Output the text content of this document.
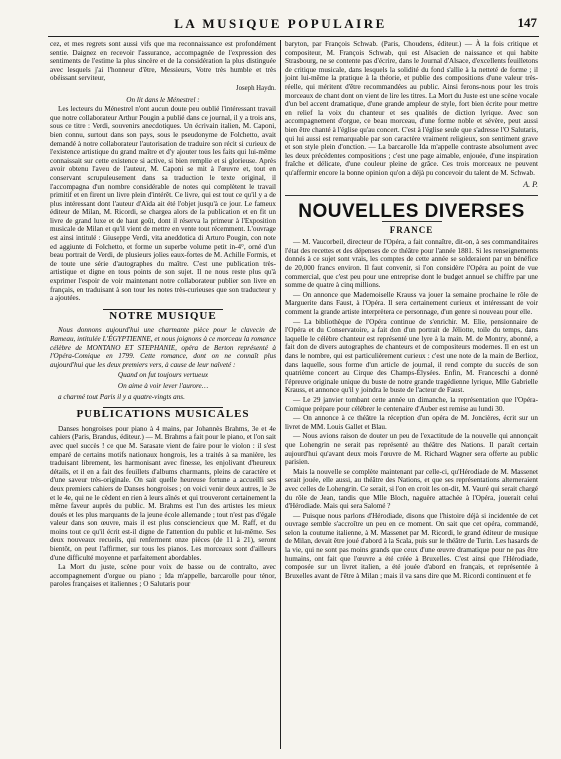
LA MUSIQUE POPULAIRE	147

cez, et mes regrets sont aussi vifs que ma reconnaissance est profondément sentie. Daignez en recevoir l'assurance, accompagnée de l'expression des sentiments de l'estime la plus sincère et de la considération la plus distinguée avec lesquels j'ai l'honneur d'être, Messieurs, Votre très humble et très obéissant serviteur,

Joseph Haydn.

On lit dans le Ménestrel :

Les lecteurs du Ménestrel n'ont aucun doute peu oublié l'intéressant travail que notre collaborateur Arthur Pougin a publié dans ce journal, il y a trois ans, sous ce titre : Verdi, souvenirs anecdotiques. Un écrivain italien, M. Caponi, bien connu, surtout dans son pays, sous le pseudonyme de Folchetto, avait demandé à notre collaborateur l'autorisation de traduire son récit si curieux de l'existence artistique du grand maître et d'y ajouter tous les faits qui lui-même connaissait sur cette existence si active, si bien remplie et si glorieuse. Après avoir obtenu l'aveu de l'auteur, M. Caponi se mit à l'œuvre et, tout en conservant scrupuleusement dans sa traduction le texte original, il l'accompagna d'un nombre considérable de notes qui complètent le travail primitif et en firent un livre plein d'intérêt. Ce livre, qui est tout ce qu'il y a de plus intéressant dont l'auteur d'Aïda ait été l'objet jusqu'à ce jour. Le fameux éditeur de Milan, M. Ricordi, se chargea alors de la publication et en fit un livre de grand luxe et de haut goût, dont il réserva la primeur à l'Exposition musicale de Milan et qu'il vient de mettre en vente tout récemment. L'ouvrage est ainsi intitulé : Giuseppe Verdi, vita aneddotica di Arturo Pougin, con note ed aggiunte di Folchetto, et forme un superbe volume petit in-4°, orné d'un beau portrait de Verdi, de plusieurs jolies eaux-fortes de M. Achille Formis, et de toute une série d'autographes du maître. C'est une publication très-artistique et digne en tous points de son sujet. Il ne nous reste plus qu'à exprimer l'espoir de voir maintenant notre collaborateur publier son livre en français, en traduisant à son tour les notes très-curieuses que son traducteur y a ajoutées.

NOTRE MUSIQUE

Nous donnons aujourd'hui une charmante pièce pour le clavecin de Rameau, intitulée L'ÉGYPTIENNE, et nous joignons à ce morceau la romance célèbre de MONTANO ET STEPHANIE, opéra de Berton représenté à l'Opéra-Comique en 1799. Cette romance, dont on ne connaît plus aujourd'hui que les deux premiers vers, à cause de leur naïveté :

Quand on fut toujours vertueux
On aime à voir lever l'aurore…

a charmé tout Paris il y a quatre-vingts ans.

PUBLICATIONS MUSICALES

Danses hongroises pour piano à 4 mains, par Johannès Brahms, 3e et 4e cahiers (Paris, Brandus, éditeur.) — M. Brahms a fait pour le piano, et l'on sait avec quel succès ! ce que M. Sarasate vient de faire pour le violon : il s'est emparé de certains motifs nationaux hongrois, les a traités à sa manière, les traduisant librement, les harmonisant avec finesse, les enjolivant d'heureux détails, et il en a fait des feuillets d'albums charmants, pleins de caractère et d'une saveur très-originale. On sait quelle heureuse fortune a accueilli ses deux premiers cahiers de Danses hongroises ; on voici venir deux autres, le 3e et le 4e, qui ne le cèdent en rien à leurs aînés et qui trouveront certainement la même faveur auprès du public. M. Brahms est l'un des artistes les mieux doués et les plus marquants de la jeune école allemande ; tout n'est pas d'égale valeur dans son œuvre, mais il est plus consciencieux que M. Raff, et du moins tout ce qu'il écrit est-il digne de l'attention du public et lui-même. Ses deux nouveaux recueils, qui renferment onze pièces (de 11 à 21), seront bientôt, on peut l'affirmer, sur tous les pianos. Les morceaux sont d'ailleurs d'une difficulté moyenne et parfaitement abordables.

La Mort du juste, scène pour voix de basse ou de contralto, avec accompagnement d'orgue ou piano ; Ida m'appelle, barcarolle pour ténor, paroles françaises et italiennes ; O Salutaris pour

baryton, par François Schwab. (Paris, Choudens, éditeur.) — À la fois critique et compositeur, M. François Schwab, qui est Alsacien de naissance et qui habite Strasbourg, ne se contente pas d'écrire, dans le Journal d'Alsace, d'excellents feuilletons de critique musicale, dans lesquels la solidité du fond s'allie à la netteté de forme ; il joint lui-même la pratique à la théorie, et publie des compositions d'une valeur très-réelle, qui méritent d'être recommandées au public. Ainsi ferons-nous pour les trois morceaux de chant dont on vient de lire les titres. La Mort du Juste est une scène vocale d'un bel accent dramatique, d'une grande ampleur de style, fort bien écrite pour mettre en relief la voix du chanteur et ses qualités de diction lyrique. Avec son accompagnement d'orgue, ce beau morceau, d'une forme noble et sévère, peut aussi bien être chanté à l'église qu'au concert. C'est à l'église seule que s'adresse l'O Salutaris, qui lui aussi est remarquable par son caractère vraiment religieux, son sentiment grave et son style plein d'onction. — La barcarolle Ida m'appelle contraste absolument avec les deux précédentes compositions ; c'est une page aimable, enjouée, d'une inspiration fraîche et délicate, d'une couleur pleine de grâce. Ces trois morceaux ne peuvent qu'affermir encore la bonne opinion qu'on a déjà pu concevoir du talent de M. Schwab.

A. P.
NOUVELLES DIVERSES
FRANCE

— M. Vaucorbeil, directeur de l'Opéra, a fait connaître, dit-on, à ses commanditaires l'état des recettes et des dépenses de ce théâtre pour l'année 1881. Si les renseignements donnés à ce sujet sont vrais, les comptes de cette année se solderaient par un bénéfice de 20,000 francs environ. Il faut convenir, si l'on considère l'Opéra au point de vue commercial, que c'est peu pour une entreprise dont le budget annuel se chiffre par une somme de quatre à cinq millions.

— On annonce que Mademoiselle Krauss va jouer la semaine prochaine le rôle de Marguerite dans Faust, à l'Opéra. Il sera certainement curieux et intéressant de voir comment la grande artiste interprètera ce personnage, d'un genre si nouveau pour elle.

— La bibliothèque de l'Opéra continue de s'enrichir. M. Elie, pensionnaire de l'Opéra et du Conservatoire, a fait don d'un portrait de Jéliotte, toile du temps, dans laquelle le célèbre chanteur est représenté une lyre à la main. M. de Montry, abonné, a fait don de divers autographes de chanteurs et de compositeurs modernes. Il en est un dans le nombre, qui est particulièrement curieux : c'est une note de la main de Berlioz, dans laquelle, sous forme d'un article de journal, il rend compte du succès de son quatrième concert au Cirque des Champs-Élysées. Enfin, M. Franceschi a donné l'épreuve originale unique du buste de notre grande tragédienne lyrique, Mlle Gabrielle Krauss, et annonce qu'il y joindra le buste de l'acteur de Faust.

— Le 29 janvier tombant cette année un dimanche, la représentation que l'Opéra-Comique prépare pour célébrer le centenaire d'Auber est remise au lundi 30.

— On annonce à ce théâtre la réception d'un opéra de M. Joncières, écrit sur un livret de MM. Louis Gallet et Blau.

— Nous avions raison de douter un peu de l'exactitude de la nouvelle qui annonçait que Lohengrin ne serait pas représenté au théâtre des Nations. Il paraît certain aujourd'hui qu'avant deux mois l'œuvre de M. Richard Wagner sera offerte au public parisien.

Mais la nouvelle se complète maintenant par celle-ci, qu'Hérodiade de M. Massenet serait jouée, elle aussi, au théâtre des Nations, et que ses représentations alterneraient avec celles de Lohengrin. Ce serait, si l'on en croit les on-dit, M. Vauré qui serait chargé du rôle de Jean, tandis que Mlle Bloch, naguère attachée à l'Opéra, jouerait celui d'Hérodiade. Mais qui sera Salomé ?

— Puisque nous parlons d'Hérodiade, disons que l'histoire déjà si incidentée de cet ouvrage semble s'accroître un peu en ce moment. On sait que cet opéra, commandé, selon la coutume italienne, à M. Massenet par M. Ricordi, le grand éditeur de musique de Milan, devait être joué d'abord à la Scala, puis sur le théâtre de Turin. Les hasards de la vie, qui ne sont pas moins grands que ceux d'une œuvre dramatique pour ne pas être humains, ont fait que l'œuvre a été créée à Bruxelles. C'est ainsi que l'Hérodiade, composée sur un livret italien, a été jouée d'abord en français, et représentée à Bruxelles avant de l'être à Milan ; mais il va sans dire que M. Ricordi continuent et fe
